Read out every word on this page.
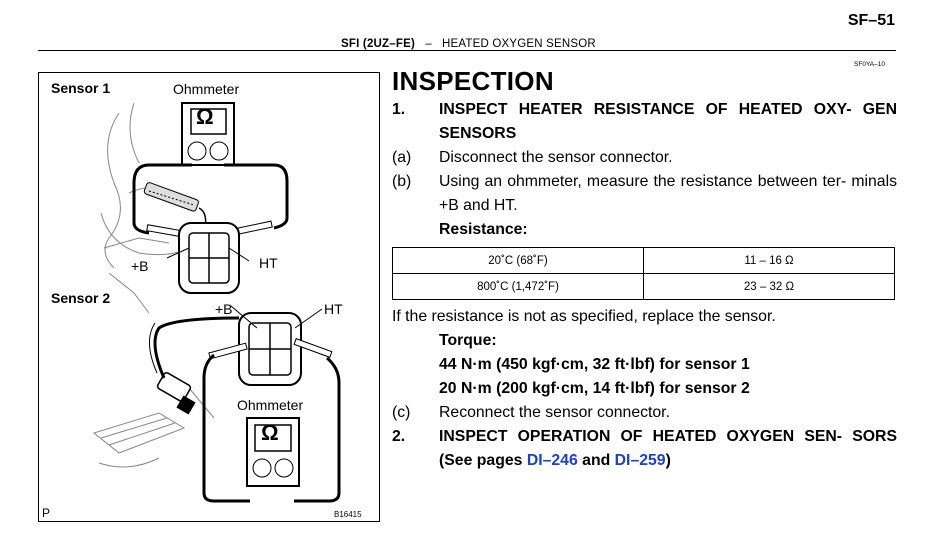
SF–51
SFI (2UZ–FE) – HEATED OXYGEN SENSOR
SF0YA–10
Sensor 1	Ohmmeter
Ω
+B	HT
Sensor 2
+B	HT
Ohmmeter
Ω
P	B16415
INSPECTION
1. INSPECT HEATER RESISTANCE OF HEATED OXY- GEN SENSORS
(a) Disconnect the sensor connector.
(b) Using an ohmmeter, measure the resistance between ter- minals +B and HT.
Resistance:
20˚C (68˚F)	11 – 16 Ω
800˚C (1,472˚F)	23 – 32 Ω
If the resistance is not as specified, replace the sensor.
Torque:
44 N·m (450 kgf·cm, 32 ft·lbf) for sensor 1
20 N·m (200 kgf·cm, 14 ft·lbf) for sensor 2
(c) Reconnect the sensor connector.
2. INSPECT OPERATION OF HEATED OXYGEN SEN- SORS (See pages DI–246 and DI–259)
